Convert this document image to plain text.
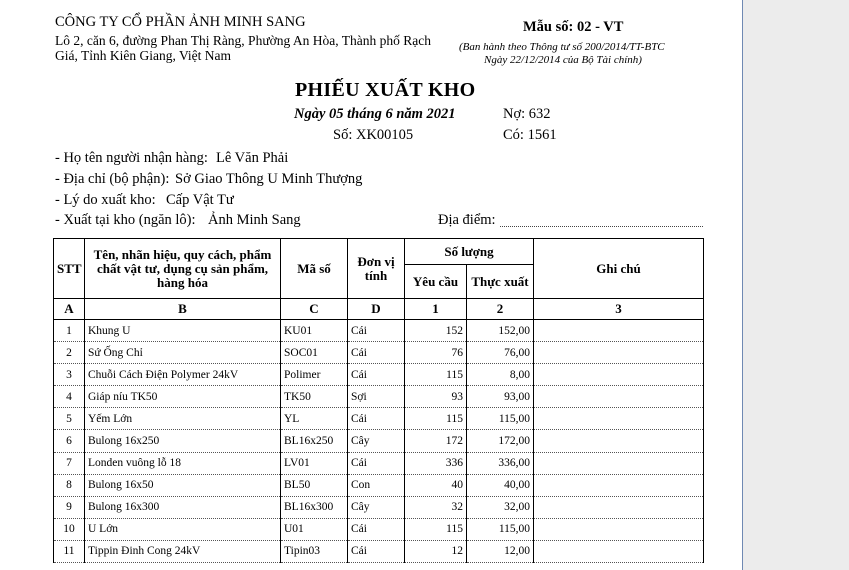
CÔNG TY CỔ PHẦN ẢNH MINH SANG
Lô 2, căn 6, đường Phan Thị Ràng, Phường An Hòa, Thành phố Rạch
Giá, Tỉnh Kiên Giang, Việt Nam
Mẫu số: 02 - VT
(Ban hành theo Thông tư số 200/2014/TT-BTC
Ngày 22/12/2014 của Bộ Tài chính)
PHIẾU XUẤT KHO
Ngày 05 tháng 6 năm 2021
Số: XK00105
Nợ: 632
Có: 1561
- Họ tên người nhận hàng: Lê Văn Phải
- Địa chỉ (bộ phận): Sở Giao Thông U Minh Thượng
- Lý do xuất kho: Cấp Vật Tư
- Xuất tại kho (ngăn lô): Ảnh Minh Sang	Địa điểm:
STT	Tên, nhãn hiệu, quy cách, phẩm chất vật tư, dụng cụ sản phẩm, hàng hóa	Mã số	Đơn vị tính	Số lượng		Ghi chú
				Yêu cầu	Thực xuất	
A	B	C	D	1	2	3
1	Khung U	KU01	Cái	152	152,00	
2	Sứ Ống Chỉ	SOC01	Cái	76	76,00	
3	Chuỗi Cách Điện Polymer 24kV	Polimer	Cái	115	8,00	
4	Giáp níu TK50	TK50	Sợi	93	93,00	
5	Yếm Lớn	YL	Cái	115	115,00	
6	Bulong 16x250	BL16x250	Cây	172	172,00	
7	Londen vuông lỗ 18	LV01	Cái	336	336,00	
8	Bulong 16x50	BL50	Con	40	40,00	
9	Bulong 16x300	BL16x300	Cây	32	32,00	
10	U Lớn	U01	Cái	115	115,00	
11	Tippin Đinh Cong 24kV	Tipin03	Cái	12	12,00	
